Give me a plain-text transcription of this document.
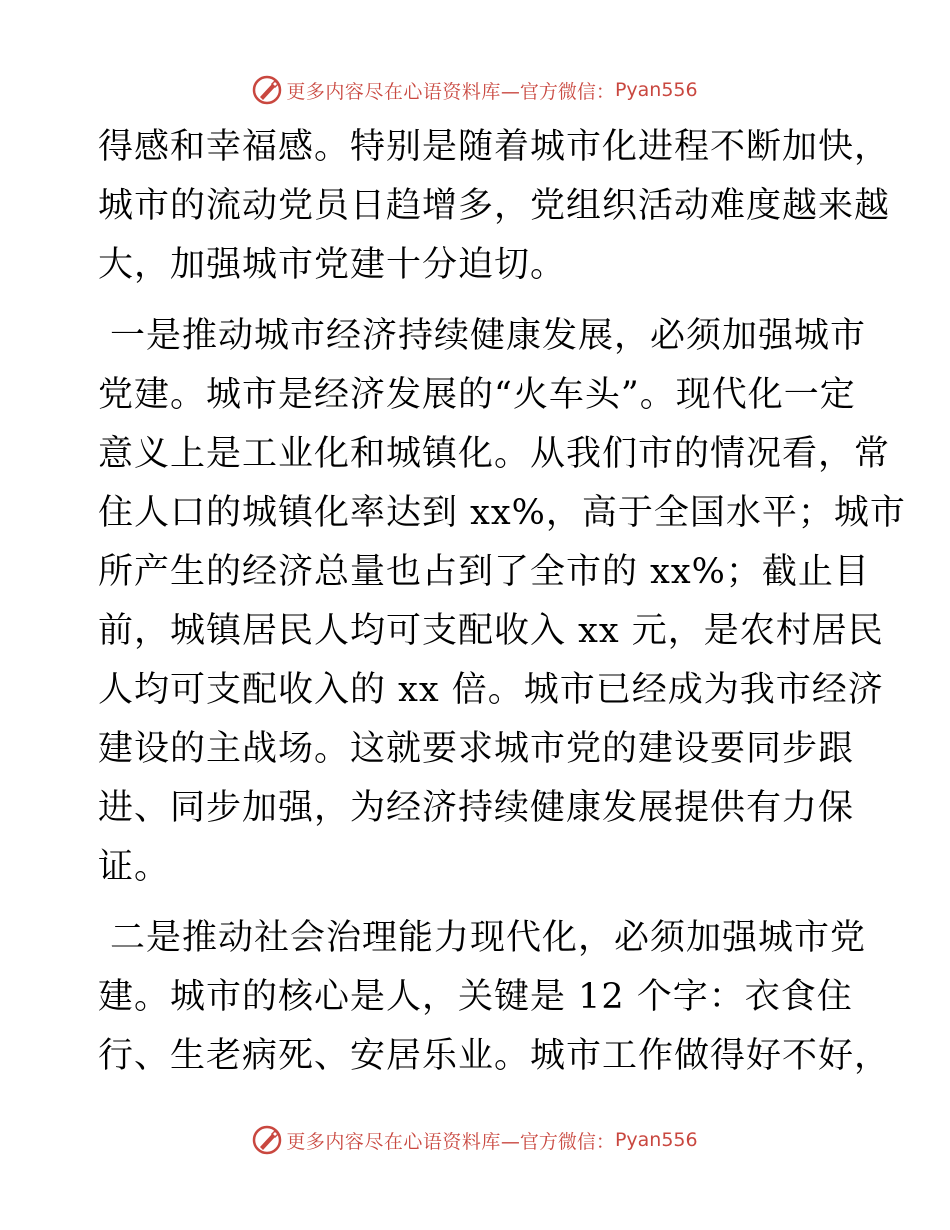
更多内容尽在心语资料库 —官方微信： Pyan556
得感和幸福感。特别是随着城市化进程不断加快，
城市的流动党员日趋增多，党组织活动难度越来越
大，加强城市党建十分迫切。
一是推动城市经济持续健康发展，必须加强城市
党建。城市是经济发展的“火车头”。现代化一定
意义上是工业化和城镇化。从我们市的情况看，常
住人口的城镇化率达到 xx%，高于全国水平；城市
所产生的经济总量也占到了全市的 xx%；截止目
前，城镇居民人均可支配收入 xx 元，是农村居民
人均可支配收入的 xx 倍。城市已经成为我市经济
建设的主战场。这就要求城市党的建设要同步跟
进、同步加强，为经济持续健康发展提供有力保
证。
二是推动社会治理能力现代化，必须加强城市党
建。城市的核心是人，关键是 12 个字：衣食住
行、生老病死、安居乐业。城市工作做得好不好，
更多内容尽在心语资料库 —官方微信： Pyan556
